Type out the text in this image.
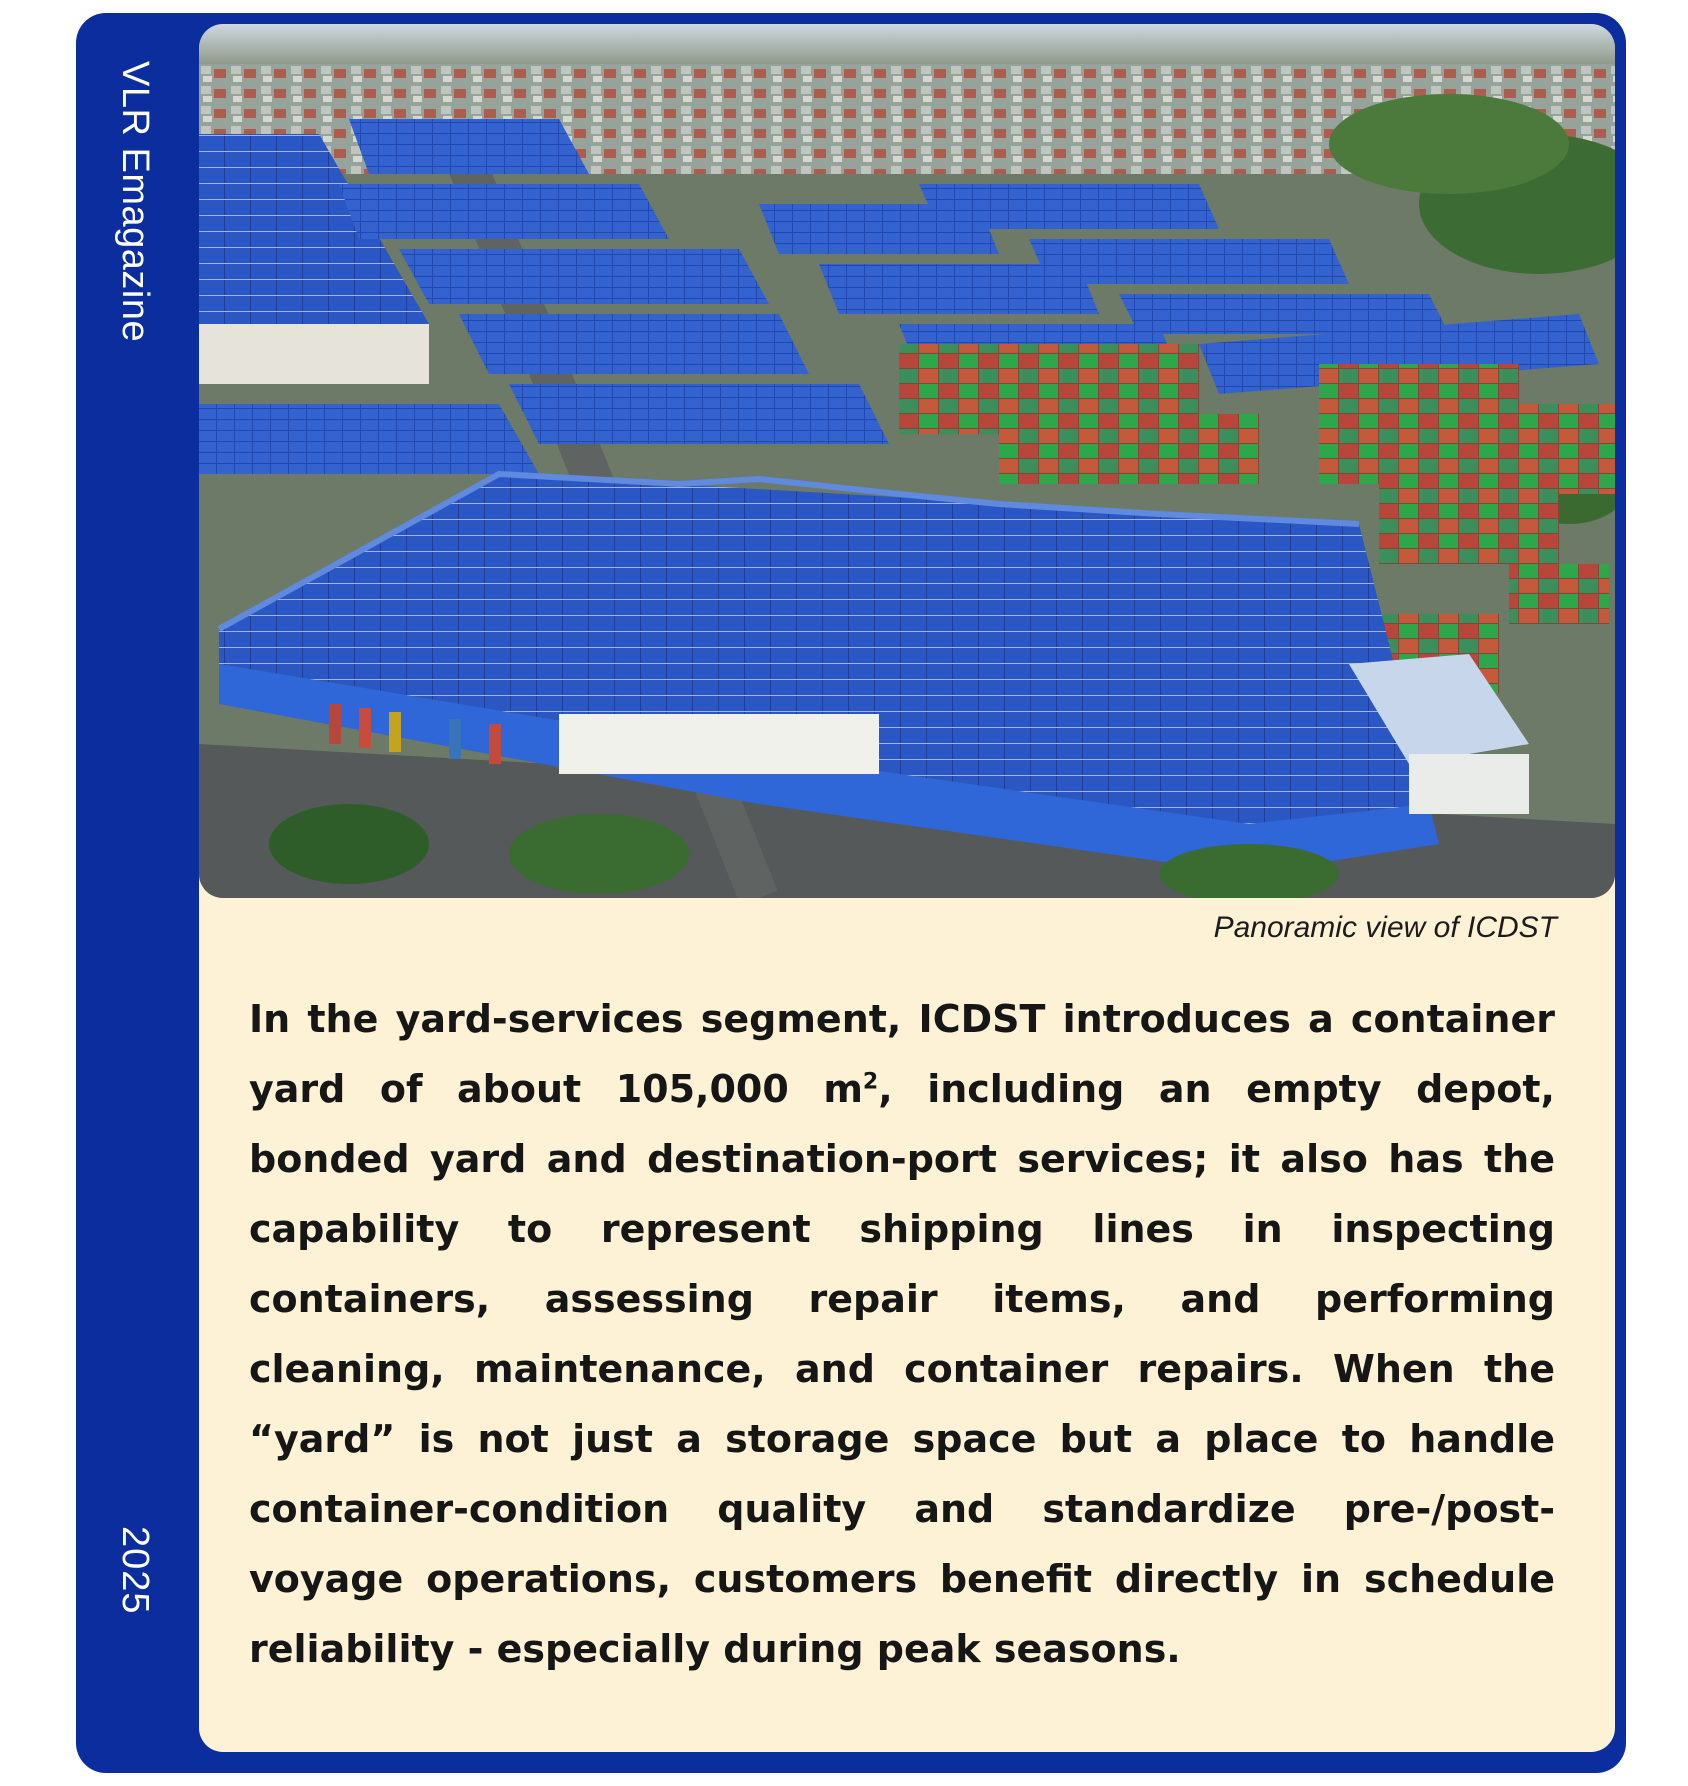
VLR Emagazine
2025
Panoramic view of ICDST

In the yard-services segment, ICDST introduces a container yard of about 105,000 $m^2$, including an empty depot, bonded yard and destination-port services; it also has the capability to represent shipping lines in inspecting containers, assessing repair items, and performing cleaning, maintenance, and container repairs. When the “yard” is not just a storage space but a place to handle container-condition quality and standardize pre-/post-voyage operations, customers benefit directly in schedule reliability - especially during peak seasons.
